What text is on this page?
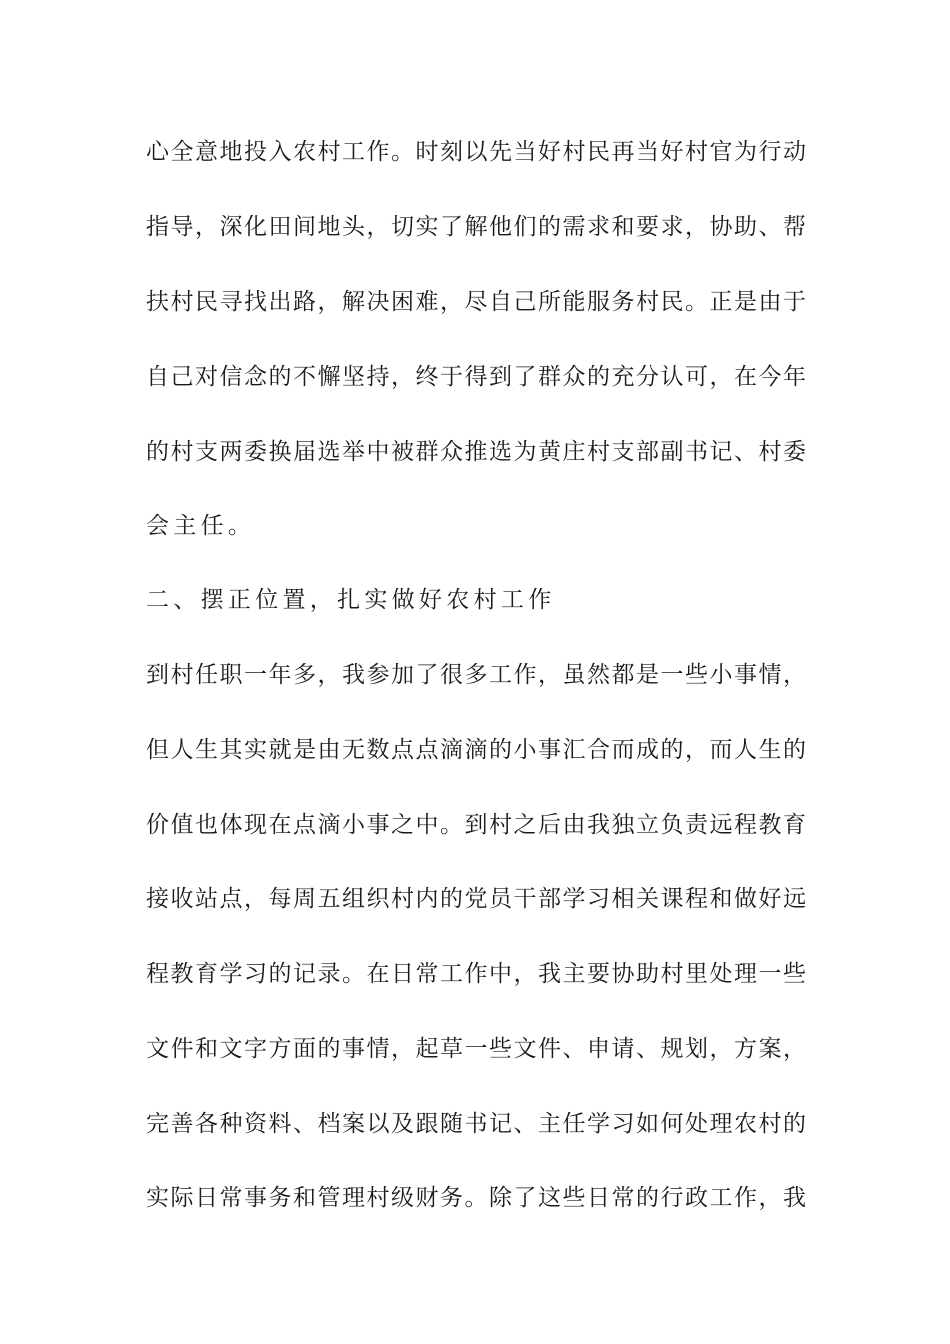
心全意地投入农村工作。时刻以先当好村民再当好村官为行动
指导，深化田间地头，切实了解他们的需求和要求，协助、帮
扶村民寻找出路，解决困难，尽自己所能服务村民。正是由于
自己对信念的不懈坚持，终于得到了群众的充分认可，在今年
的村支两委换届选举中被群众推选为黄庄村支部副书记、村委
会主任。
二、摆正位置，扎实做好农村工作
到村任职一年多，我参加了很多工作，虽然都是一些小事情，
但人生其实就是由无数点点滴滴的小事汇合而成的，而人生的
价值也体现在点滴小事之中。到村之后由我独立负责远程教育
接收站点，每周五组织村内的党员干部学习相关课程和做好远
程教育学习的记录。在日常工作中，我主要协助村里处理一些
文件和文字方面的事情，起草一些文件、申请、规划，方案，
完善各种资料、档案以及跟随书记、主任学习如何处理农村的
实际日常事务和管理村级财务。除了这些日常的行政工作，我
